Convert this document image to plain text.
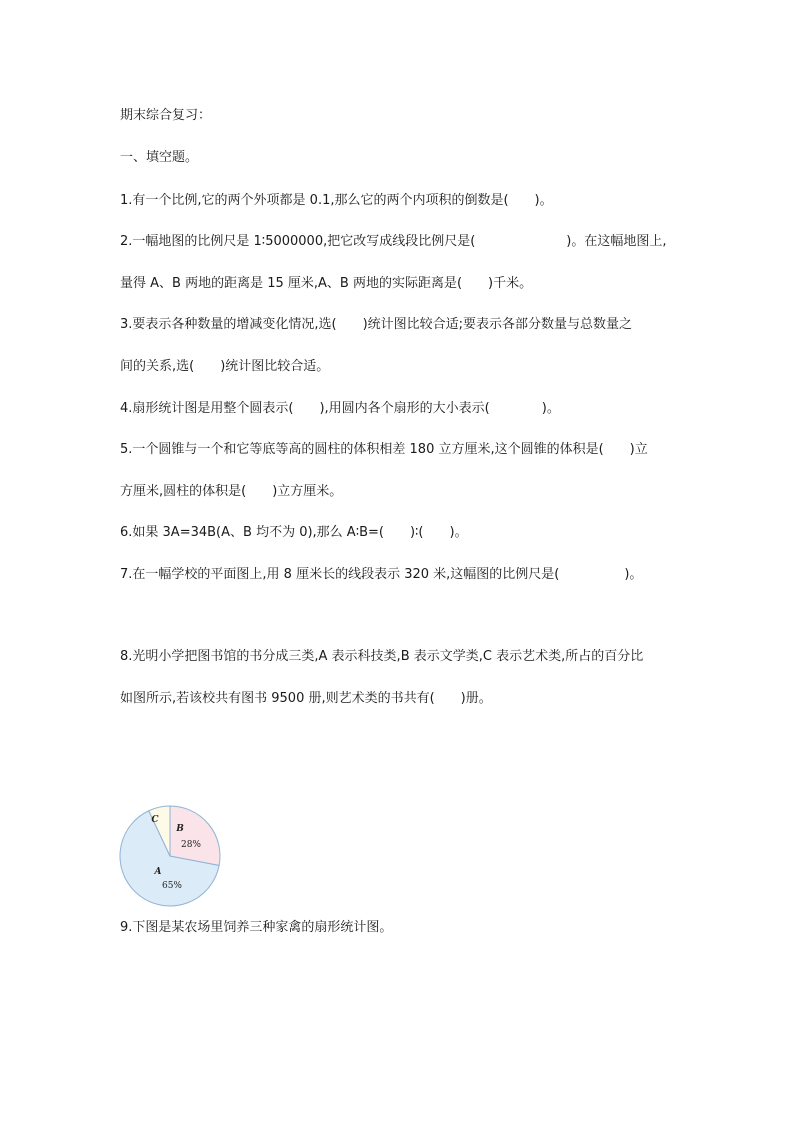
期末综合复习：
一、填空题。
1.有一个比例,它的两个外项都是 0.1,那么它的两个内项积的倒数是(　　)。
2.一幅地图的比例尺是 1∶5000000,把它改写成线段比例尺是(　　　　　　　)。在这幅地图上,
量得 A、B 两地的距离是 15 厘米,A、B 两地的实际距离是(　　)千米。
3.要表示各种数量的增减变化情况,选(　　)统计图比较合适;要表示各部分数量与总数量之
间的关系,选(　　)统计图比较合适。
4.扇形统计图是用整个圆表示(　　),用圆内各个扇形的大小表示(　　　　)。
5.一个圆锥与一个和它等底等高的圆柱的体积相差 180 立方厘米,这个圆锥的体积是(　　)立
方厘米,圆柱的体积是(　　)立方厘米。
6.如果 3A=34B(A、B 均不为 0),那么 A∶B=(　　)∶(　　)。
7.在一幅学校的平面图上,用 8 厘米长的线段表示 320 米,这幅图的比例尺是(　　　　　)。
8.光明小学把图书馆的书分成三类,A 表示科技类,B 表示文学类,C 表示艺术类,所占的百分比
如图所示,若该校共有图书 9500 册,则艺术类的书共有(　　)册。
A
65%
B
28%
C
9.下图是某农场里饲养三种家禽的扇形统计图。
